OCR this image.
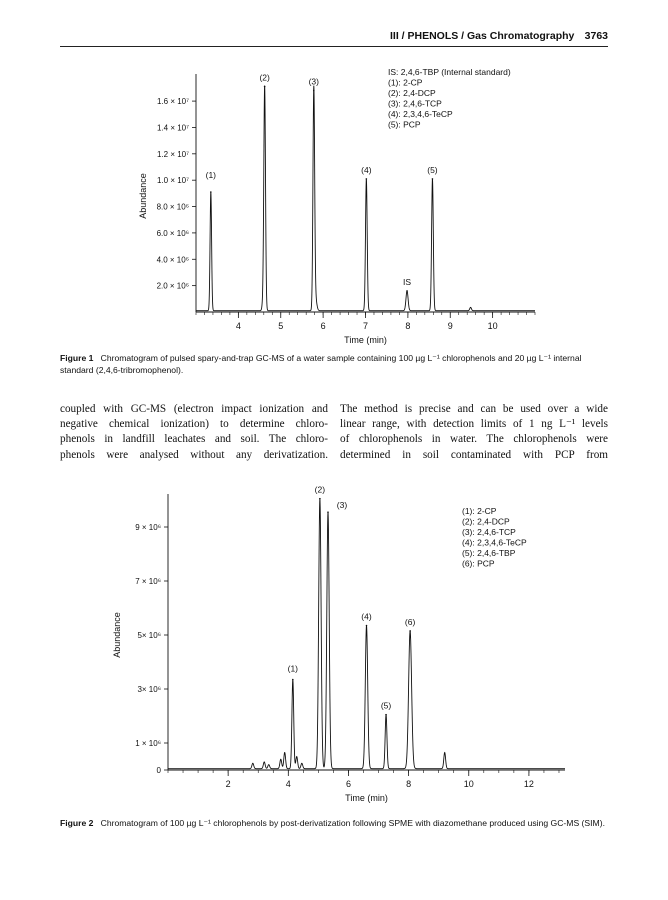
III / PHENOLS / Gas Chromatography 3763
4	5	6	7	8	9	10
2.0 × 10⁶
4.0 × 10⁶
6.0 × 10⁶
8.0 × 10⁶
1.0 × 10⁷
1.2 × 10⁷
1.4 × 10⁷
1.6 × 10⁷
Time (min)
Abundance	(1)
(2)	(3)
(4)
IS
(5)
IS: 2,4,6-TBP (Internal standard)
(1): 2-CP
(2): 2,4-DCP
(3): 2,4,6-TCP
(4): 2,3,4,6-TeCP
(5): PCP
Figure 1 Chromatogram of pulsed spary-and-trap GC-MS of a water sample containing 100 µg L⁻¹ chlorophenols and 20 µg L⁻¹ internal standard (2,4,6-tribromophenol).
coupled with GC-MS (electron impact ionization and
negative chemical ionization) to determine chloro-
phenols in landfill leachates and soil. The chloro-
phenols were analysed without any derivatization.
The method is precise and can be used over a wide
linear range, with detection limits of 1 ng L⁻¹ levels
of chlorophenols in water. The chlorophenols were
determined in soil contaminated with PCP from
2	4	6	8	10	12
0
1 × 10⁶
3× 10⁶
5× 10⁶
7 × 10⁶
9 × 10⁶
Time (min)
Abundance
(1)
(2)
(3)
(4)
(5)
(6)
(1): 2-CP
(2): 2,4-DCP
(3): 2,4,6-TCP
(4): 2,3,4,6-TeCP
(5): 2,4,6-TBP
(6): PCP
Figure 2 Chromatogram of 100 µg L⁻¹ chlorophenols by post-derivatization following SPME with diazomethane produced using GC-MS (SIM).
